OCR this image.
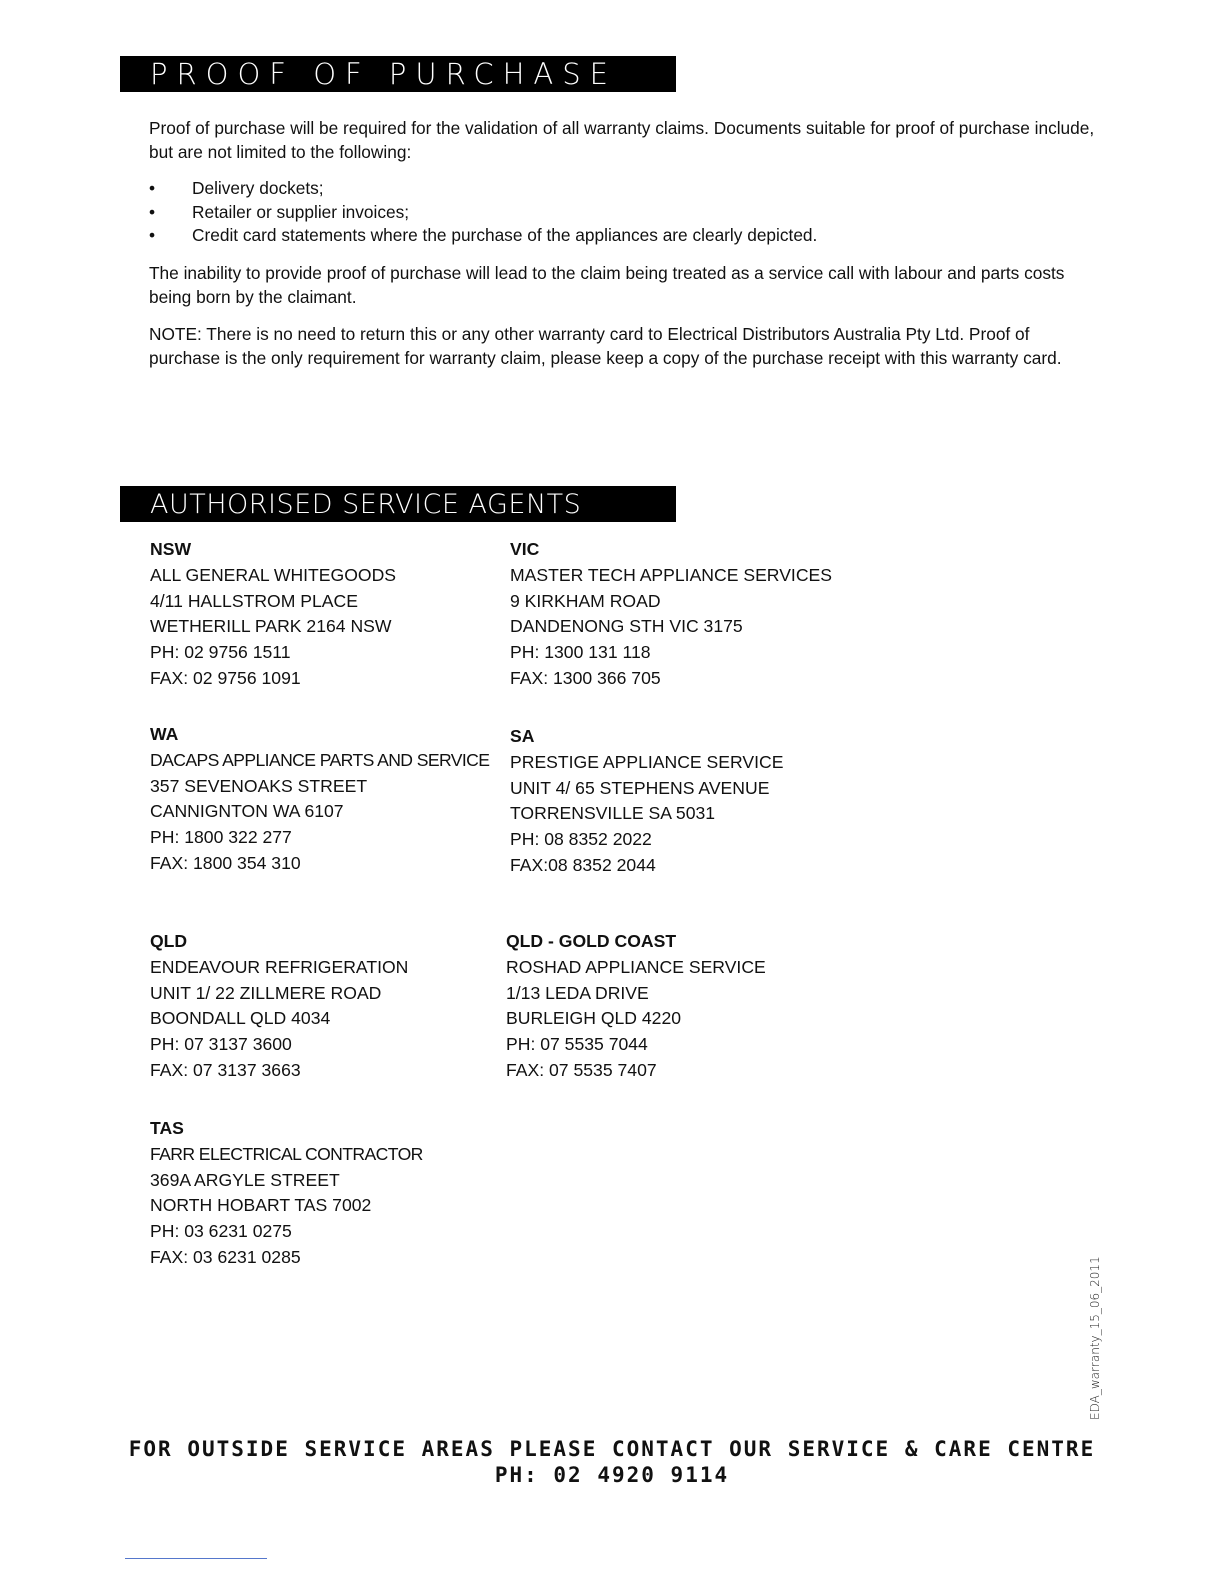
PROOF OF PURCHASE

Proof of purchase will be required for the validation of all warranty claims. Documents suitable for proof of purchase include, but are not limited to the following:

• Delivery dockets;
• Retailer or supplier invoices;
• Credit card statements where the purchase of the appliances are clearly depicted.

The inability to provide proof of purchase will lead to the claim being treated as a service call with labour and parts costs being born by the claimant.

NOTE: There is no need to return this or any other warranty card to Electrical Distributors Australia Pty Ltd. Proof of purchase is the only requirement for warranty claim, please keep a copy of the purchase receipt with this warranty card.

AUTHORISED SERVICE AGENTS
NSW
ALL GENERAL WHITEGOODS
4/11 HALLSTROM PLACE
WETHERILL PARK 2164 NSW
PH: 02 9756 1511
FAX: 02 9756 1091
VIC
MASTER TECH APPLIANCE SERVICES
9 KIRKHAM ROAD
DANDENONG STH VIC 3175
PH: 1300 131 118
FAX: 1300 366 705
WA
DACAPS APPLIANCE PARTS AND SERVICE
357 SEVENOAKS STREET
CANNIGNTON WA 6107
PH: 1800 322 277
FAX: 1800 354 310
SA
PRESTIGE APPLIANCE SERVICE
UNIT 4/ 65 STEPHENS AVENUE
TORRENSVILLE SA 5031
PH: 08 8352 2022
FAX:08 8352 2044
QLD
ENDEAVOUR REFRIGERATION
UNIT 1/ 22 ZILLMERE ROAD
BOONDALL QLD 4034
PH: 07 3137 3600
FAX: 07 3137 3663
QLD - GOLD COAST
ROSHAD APPLIANCE SERVICE
1/13 LEDA DRIVE
BURLEIGH QLD 4220
PH: 07 5535 7044
FAX: 07 5535 7407
TAS
FARR ELECTRICAL CONTRACTOR
369A ARGYLE STREET
NORTH HOBART TAS 7002
PH: 03 6231 0275
FAX: 03 6231 0285	EDA_warranty_15_06_2011
FOR OUTSIDE SERVICE AREAS PLEASE CONTACT OUR SERVICE & CARE CENTRE
PH: 02 4920 9114
